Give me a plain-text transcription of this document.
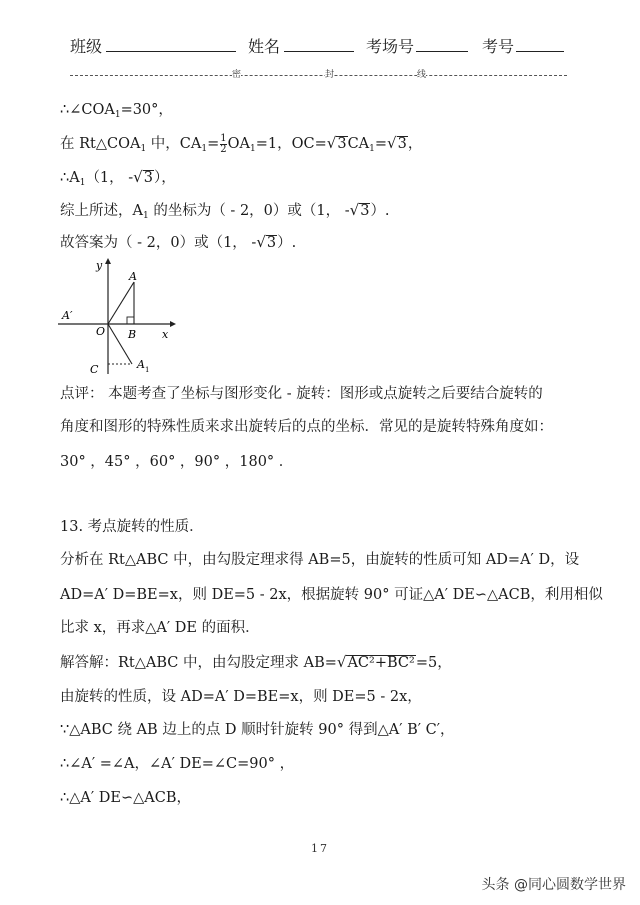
班级	姓名	考场号	考号
密	封	线
$\therefore\angle COA_1=30^\circ$，
在 $Rt\triangle COA_1$ 中，$CA_1= \frac{1}{2} OA_1=1$，$OC=√3CA_1=√3$，
$\therefore A_1(1$， -√3），
综上所述，$A_1$ 的坐标为（ - 2，0）或（1， -√3）.
故答案为（ - 2，0）或（1， -√3）.
y
x
A
A′
O B
C	A 1
点评： 本题考查了坐标与图形变化 - 旋转：图形或点旋转之后要结合旋转的
角度和图形的特殊性质来求出旋转后的点的坐标．常见的是旋转特殊角度如：
30° ，45° ，60° ，90° ，180° ．
13. 考点旋转的性质．
分析在 Rt△ABC 中，由勾股定理求得 AB=5，由旋转的性质可知 AD=A′ D，设
AD=A′ D=BE=x，则 DE=5 - 2x，根据旋转 90° 可证△A′ DE∽△ACB，利用相似
比求 x，再求△A′ DE 的面积．
解答解：Rt△ABC 中，由勾股定理求 AB=√AC²+BC²=5，
由旋转的性质，设 AD=A′ D=BE=x，则 DE=5 - 2x，
∵△ABC 绕 AB 边上的点 D 顺时针旋转 90° 得到△A′ B′ C′，
∴∠A′ =∠A，∠A′ DE=∠C=90° ，
∴△A′ DE∽△ACB，
17
头条 @同心圆数学世界
